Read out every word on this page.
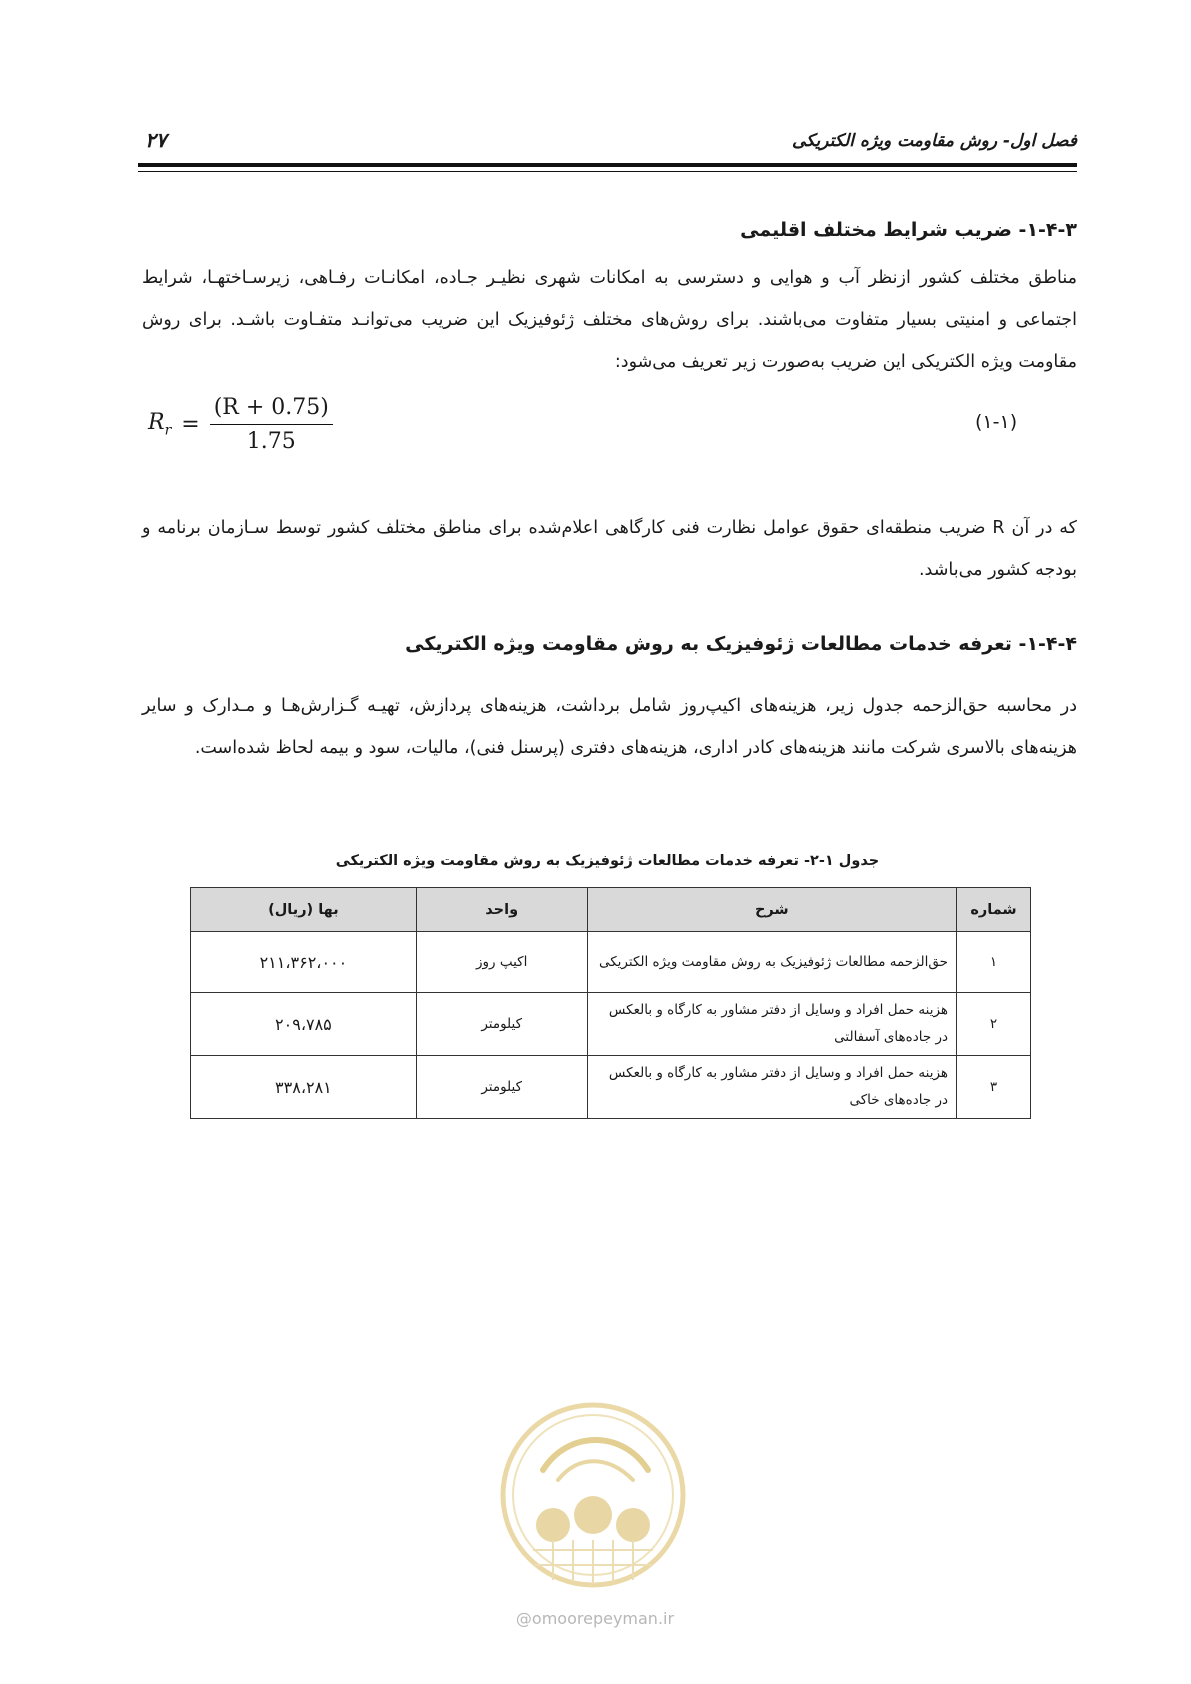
۲۷	فصل اول- روش مقاومت ویژه الکتریکی
۱-۴-۳- ضریب شرایط مختلف اقلیمی
مناطق مختلف کشور ازنظر آب و هوایی و دسترسی به امکانات شهری نظیـر جـاده، امکانـات رفـاهی، زیرسـاختهـا، شرایط اجتماعی و امنیتی بسیار متفاوت می‌باشند. برای روش‌های مختلف ژئوفیزیک این ضریب می‌توانـد متفـاوت باشـد. برای روش مقاومت ویژه الکتریکی این ضریب به‌صورت زیر تعریف می‌شود:
$R_r = \frac{(R + 0.75)}{1.75}$	(۱-۱)
که در آن R ضریب منطقه‌ای حقوق عوامل نظارت فنی کارگاهی اعلام‌شده برای مناطق مختلف کشور توسط سـازمان برنامه و بودجه کشور می‌باشد.
۱-۴-۴- تعرفه خدمات مطالعات ژئوفیزیک به روش مقاومت ویژه الکتریکی
در محاسبه حق‌الزحمه جدول زیر، هزینه‌های اکیپ‌روز شامل برداشت، هزینه‌های پردازش، تهیـه گـزارش‌هـا و مـدارک و سایر هزینه‌های بالاسری شرکت مانند هزینه‌های کادر اداری، هزینه‌های دفتری (پرسنل فنی)، مالیات، سود و بیمه لحاظ شده‌است.
جدول ۱-۲- تعرفه خدمات مطالعات ژئوفیزیک به روش مقاومت ویژه الکتریکی
شماره	شرح	واحد	بها (ریال)
۱	حق‌الزحمه مطالعات ژئوفیزیک به روش مقاومت ویژه الکتریکی	اکیپ روز	۲۱۱،۳۶۲،۰۰۰
۲	هزینه حمل افراد و وسایل از دفتر مشاور به کارگاه و بالعکس در جاده‌های آسفالتی	کیلومتر	۲۰۹،۷۸۵
۳	هزینه حمل افراد و وسایل از دفتر مشاور به کارگاه و بالعکس در جاده‌های خاکی	کیلومتر	۳۳۸،۲۸۱
@omoorepeyman.ir
